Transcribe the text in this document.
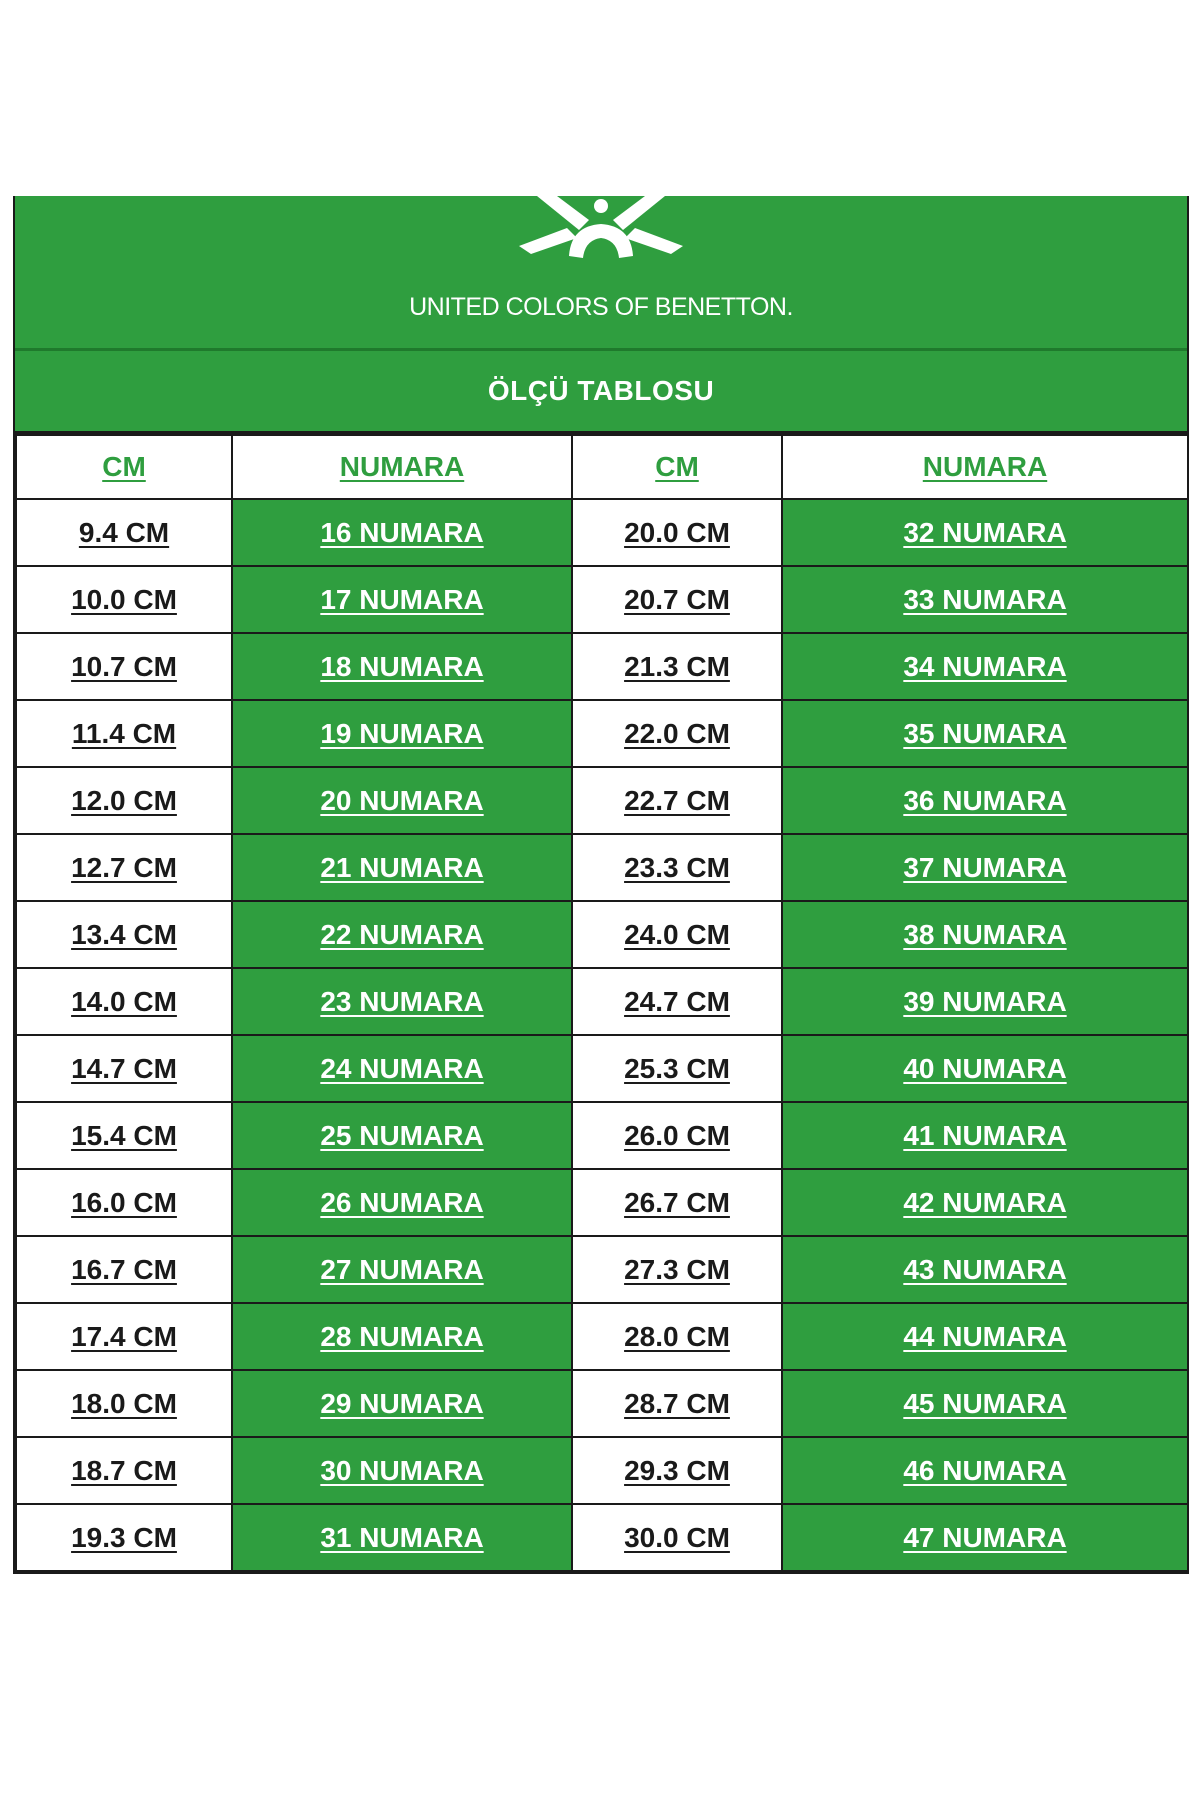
UNITED COLORS OF BENETTON.
ÖLÇÜ TABLOSU
CM	NUMARA	CM	NUMARA
9.4 CM	16 NUMARA	20.0 CM	32 NUMARA
10.0 CM	17 NUMARA	20.7 CM	33 NUMARA
10.7 CM	18 NUMARA	21.3 CM	34 NUMARA
11.4 CM	19 NUMARA	22.0 CM	35 NUMARA
12.0 CM	20 NUMARA	22.7 CM	36 NUMARA
12.7 CM	21 NUMARA	23.3 CM	37 NUMARA
13.4 CM	22 NUMARA	24.0 CM	38 NUMARA
14.0 CM	23 NUMARA	24.7 CM	39 NUMARA
14.7 CM	24 NUMARA	25.3 CM	40 NUMARA
15.4 CM	25 NUMARA	26.0 CM	41 NUMARA
16.0 CM	26 NUMARA	26.7 CM	42 NUMARA
16.7 CM	27 NUMARA	27.3 CM	43 NUMARA
17.4 CM	28 NUMARA	28.0 CM	44 NUMARA
18.0 CM	29 NUMARA	28.7 CM	45 NUMARA
18.7 CM	30 NUMARA	29.3 CM	46 NUMARA
19.3 CM	31 NUMARA	30.0 CM	47 NUMARA
